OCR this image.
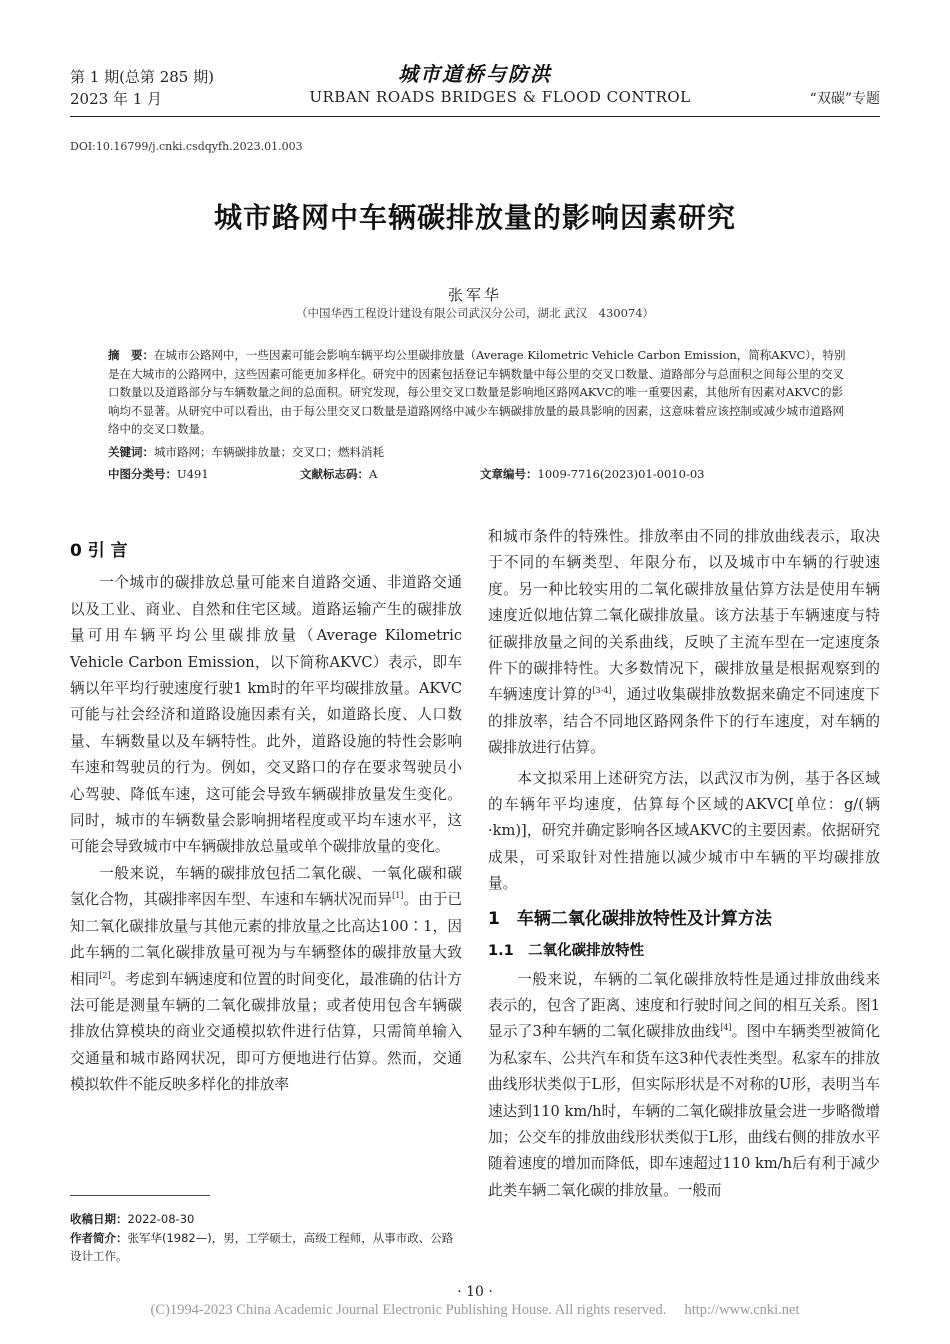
第 1 期(总第 285 期)
2023 年 1 月
城市道桥与防洪
URBAN ROADS BRIDGES & FLOOD CONTROL	“双碳”专题
DOI:10.16799/j.cnki.csdqyfh.2023.01.003
城市路网中车辆碳排放量的影响因素研究
张军华
（中国华西工程设计建设有限公司武汉分公司，湖北 武汉　430074）
摘　要：在城市公路网中，一些因素可能会影响车辆平均公里碳排放量（Average Kilometric Vehicle Carbon Emission，简称AKVC），特别是在大城市的公路网中，这些因素可能更加多样化。研究中的因素包括登记车辆数量中每公里的交叉口数量、道路部分与总面积之间每公里的交叉口数量以及道路部分与车辆数量之间的总面积。研究发现，每公里交叉口数量是影响地区路网AKVC的唯一重要因素，其他所有因素对AKVC的影响均不显著。从研究中可以看出，由于每公里交叉口数量是道路网络中减少车辆碳排放量的最具影响的因素，这意味着应该控制或减少城市道路网络中的交叉口数量。
关键词：城市路网；车辆碳排放量；交叉口；燃料消耗
中图分类号：U491	文献标志码：A	文章编号：1009-7716(2023)01-0010-03
0 引 言

一个城市的碳排放总量可能来自道路交通、非道路交通以及工业、商业、自然和住宅区域。道路运输产生的碳排放量可用车辆平均公里碳排放量（Average Kilometric Vehicle Carbon Emission，以下简称AKVC）表示，即车辆以年平均行驶速度行驶1 km时的年平均碳排放量。AKVC可能与社会经济和道路设施因素有关，如道路长度、人口数量、车辆数量以及车辆特性。此外，道路设施的特性会影响车速和驾驶员的行为。例如，交叉路口的存在要求驾驶员小心驾驶、降低车速，这可能会导致车辆碳排放量发生变化。同时，城市的车辆数量会影响拥堵程度或平均车速水平，这可能会导致城市中车辆碳排放总量或单个碳排放量的变化。

一般来说，车辆的碳排放包括二氧化碳、一氧化碳和碳氢化合物，其碳排率因车型、车速和车辆状况而异[1]。由于已知二氧化碳排放量与其他元素的排放量之比高达100∶1，因此车辆的二氧化碳排放量可视为与车辆整体的碳排放量大致相同[2]。考虑到车辆速度和位置的时间变化，最准确的估计方法可能是测量车辆的二氧化碳排放量；或者使用包含车辆碳排放估算模块的商业交通模拟软件进行估算，只需简单输入交通量和城市路网状况，即可方便地进行估算。然而，交通模拟软件不能反映多样化的排放率

收稿日期：2022-08-30
作者简介：张军华(1982—)，男，工学硕士，高级工程师，从事市政、公路设计工作。

和城市条件的特殊性。排放率由不同的排放曲线表示，取决于不同的车辆类型、年限分布，以及城市中车辆的行驶速度。另一种比较实用的二氧化碳排放量估算方法是使用车辆速度近似地估算二氧化碳排放量。该方法基于车辆速度与特征碳排放量之间的关系曲线，反映了主流车型在一定速度条件下的碳排特性。大多数情况下，碳排放量是根据观察到的车辆速度计算的[3-4]，通过收集碳排放数据来确定不同速度下的排放率，结合不同地区路网条件下的行车速度，对车辆的碳排放进行估算。

本文拟采用上述研究方法，以武汉市为例，基于各区域的车辆年平均速度，估算每个区域的AKVC[单位：g/(辆·km)]，研究并确定影响各区域AKVC的主要因素。依据研究成果，可采取针对性措施以减少城市中车辆的平均碳排放量。

1　车辆二氧化碳排放特性及计算方法
1.1　二氧化碳排放特性

一般来说，车辆的二氧化碳排放特性是通过排放曲线来表示的，包含了距离、速度和行驶时间之间的相互关系。图1显示了3种车辆的二氧化碳排放曲线[4]。图中车辆类型被简化为私家车、公共汽车和货车这3种代表性类型。私家车的排放曲线形状类似于L形，但实际形状是不对称的U形，表明当车速达到110 km/h时，车辆的二氧化碳排放量会进一步略微增加；公交车的排放曲线形状类似于L形，曲线右侧的排放水平随着速度的增加而降低，即车速超过110 km/h后有利于减少此类车辆二氧化碳的排放量。一般而

· 10 ·
(C)1994-2023 China Academic Journal Electronic Publishing House. All rights reserved.　 http://www.cnki.net
